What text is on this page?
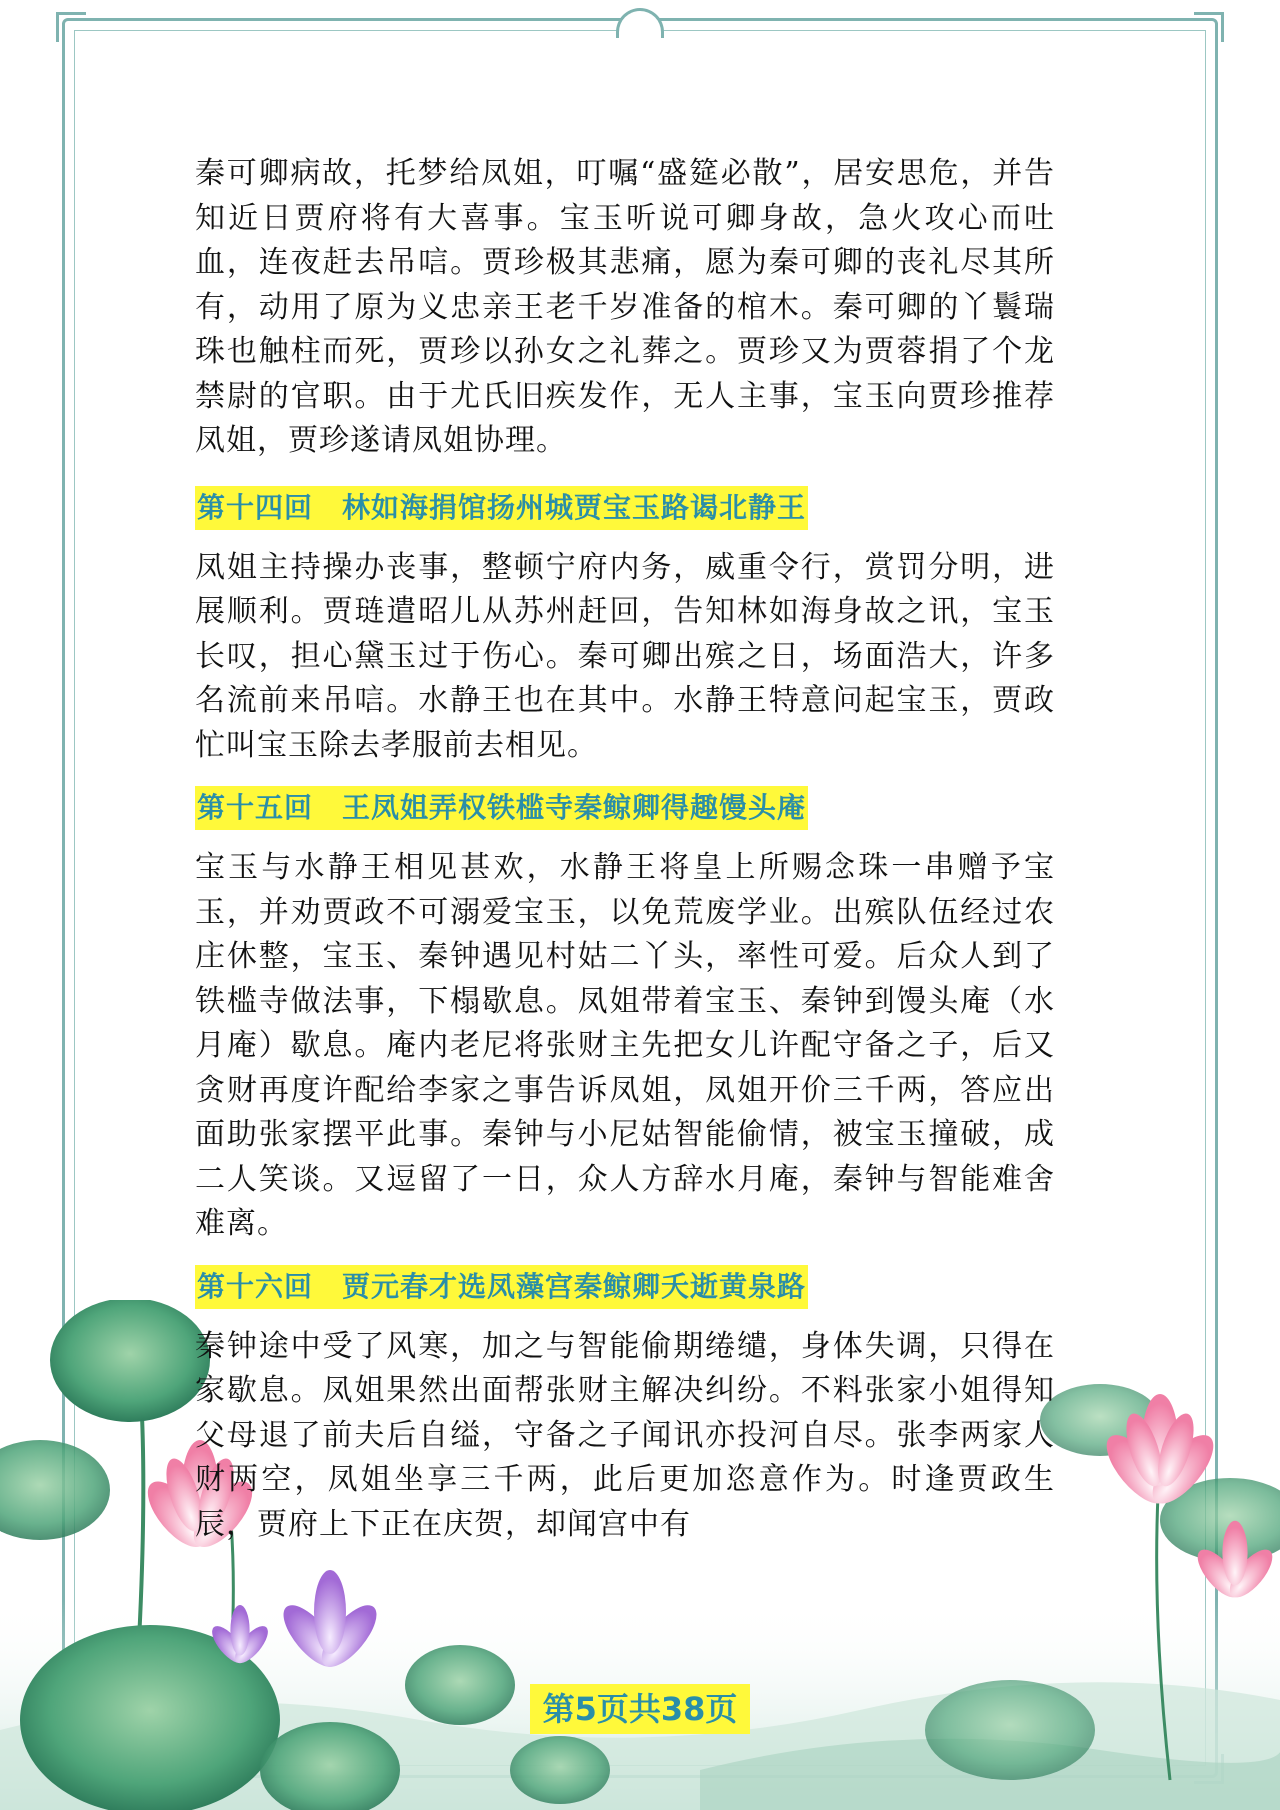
秦可卿病故，托梦给凤姐，叮嘱“盛筵必散”，居安思危，并告知近日贾府将有大喜事。宝玉听说可卿身故，急火攻心而吐血，连夜赶去吊唁。贾珍极其悲痛，愿为秦可卿的丧礼尽其所有，动用了原为义忠亲王老千岁准备的棺木。秦可卿的丫鬟瑞珠也触柱而死，贾珍以孙女之礼葬之。贾珍又为贾蓉捐了个龙禁尉的官职。由于尤氏旧疾发作，无人主事，宝玉向贾珍推荐凤姐，贾珍遂请凤姐协理。

第十四回　林如海捐馆扬州城贾宝玉路谒北静王

凤姐主持操办丧事，整顿宁府内务，威重令行，赏罚分明，进展顺利。贾琏遣昭儿从苏州赶回，告知林如海身故之讯，宝玉长叹，担心黛玉过于伤心。秦可卿出殡之日，场面浩大，许多名流前来吊唁。水静王也在其中。水静王特意问起宝玉，贾政忙叫宝玉除去孝服前去相见。

第十五回　王凤姐弄权铁槛寺秦鲸卿得趣馒头庵

宝玉与水静王相见甚欢，水静王将皇上所赐念珠一串赠予宝玉，并劝贾政不可溺爱宝玉，以免荒废学业。出殡队伍经过农庄休整，宝玉、秦钟遇见村姑二丫头，率性可爱。后众人到了铁槛寺做法事，下榻歇息。凤姐带着宝玉、秦钟到馒头庵（水月庵）歇息。庵内老尼将张财主先把女儿许配守备之子，后又贪财再度许配给李家之事告诉凤姐，凤姐开价三千两，答应出面助张家摆平此事。秦钟与小尼姑智能偷情，被宝玉撞破，成二人笑谈。又逗留了一日，众人方辞水月庵，秦钟与智能难舍难离。

第十六回　贾元春才选凤藻宫秦鲸卿夭逝黄泉路

秦钟途中受了风寒，加之与智能偷期绻缱，身体失调，只得在家歇息。凤姐果然出面帮张财主解决纠纷。不料张家小姐得知父母退了前夫后自缢，守备之子闻讯亦投河自尽。张李两家人财两空，凤姐坐享三千两，此后更加恣意作为。时逢贾政生辰，贾府上下正在庆贺，却闻宫中有

第5页共38页
